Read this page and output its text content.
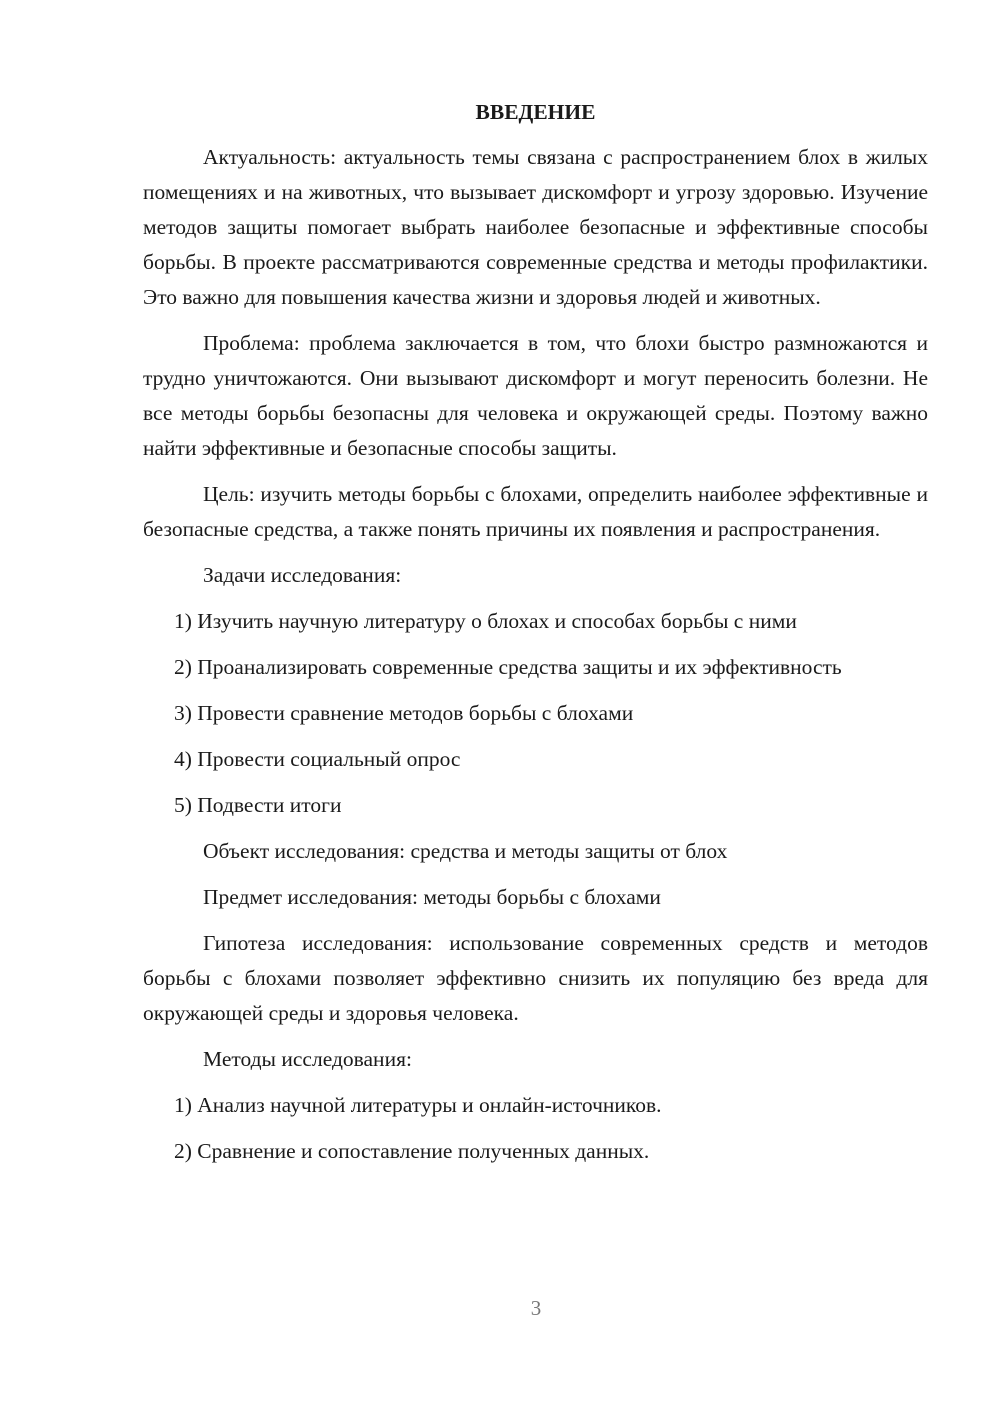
ВВЕДЕНИЕ
Актуальность: актуальность темы связана с распространением блох в жилых помещениях и на животных, что вызывает дискомфорт и угрозу здоровью. Изучение методов защиты помогает выбрать наиболее безопасные и эффективные способы борьбы. В проекте рассматриваются современные средства и методы профилактики. Это важно для повышения качества жизни и здоровья людей и животных.
Проблема: проблема заключается в том, что блохи быстро размножаются и трудно уничтожаются. Они вызывают дискомфорт и могут переносить болезни. Не все методы борьбы безопасны для человека и окружающей среды. Поэтому важно найти эффективные и безопасные способы защиты.
Цель: изучить методы борьбы с блохами, определить наиболее эффективные и безопасные средства, а также понять причины их появления и распространения.
Задачи исследования:
1) Изучить научную литературу о блохах и способах борьбы с ними
2) Проанализировать современные средства защиты и их эффективность
3) Провести сравнение методов борьбы с блохами
4) Провести социальный опрос
5) Подвести итоги
Объект исследования: средства и методы защиты от блох
Предмет исследования: методы борьбы с блохами
Гипотеза исследования: использование современных средств и методов борьбы с блохами позволяет эффективно снизить их популяцию без вреда для окружающей среды и здоровья человека.
Методы исследования:
1) Анализ научной литературы и онлайн-источников.
2) Сравнение и сопоставление полученных данных.
3
